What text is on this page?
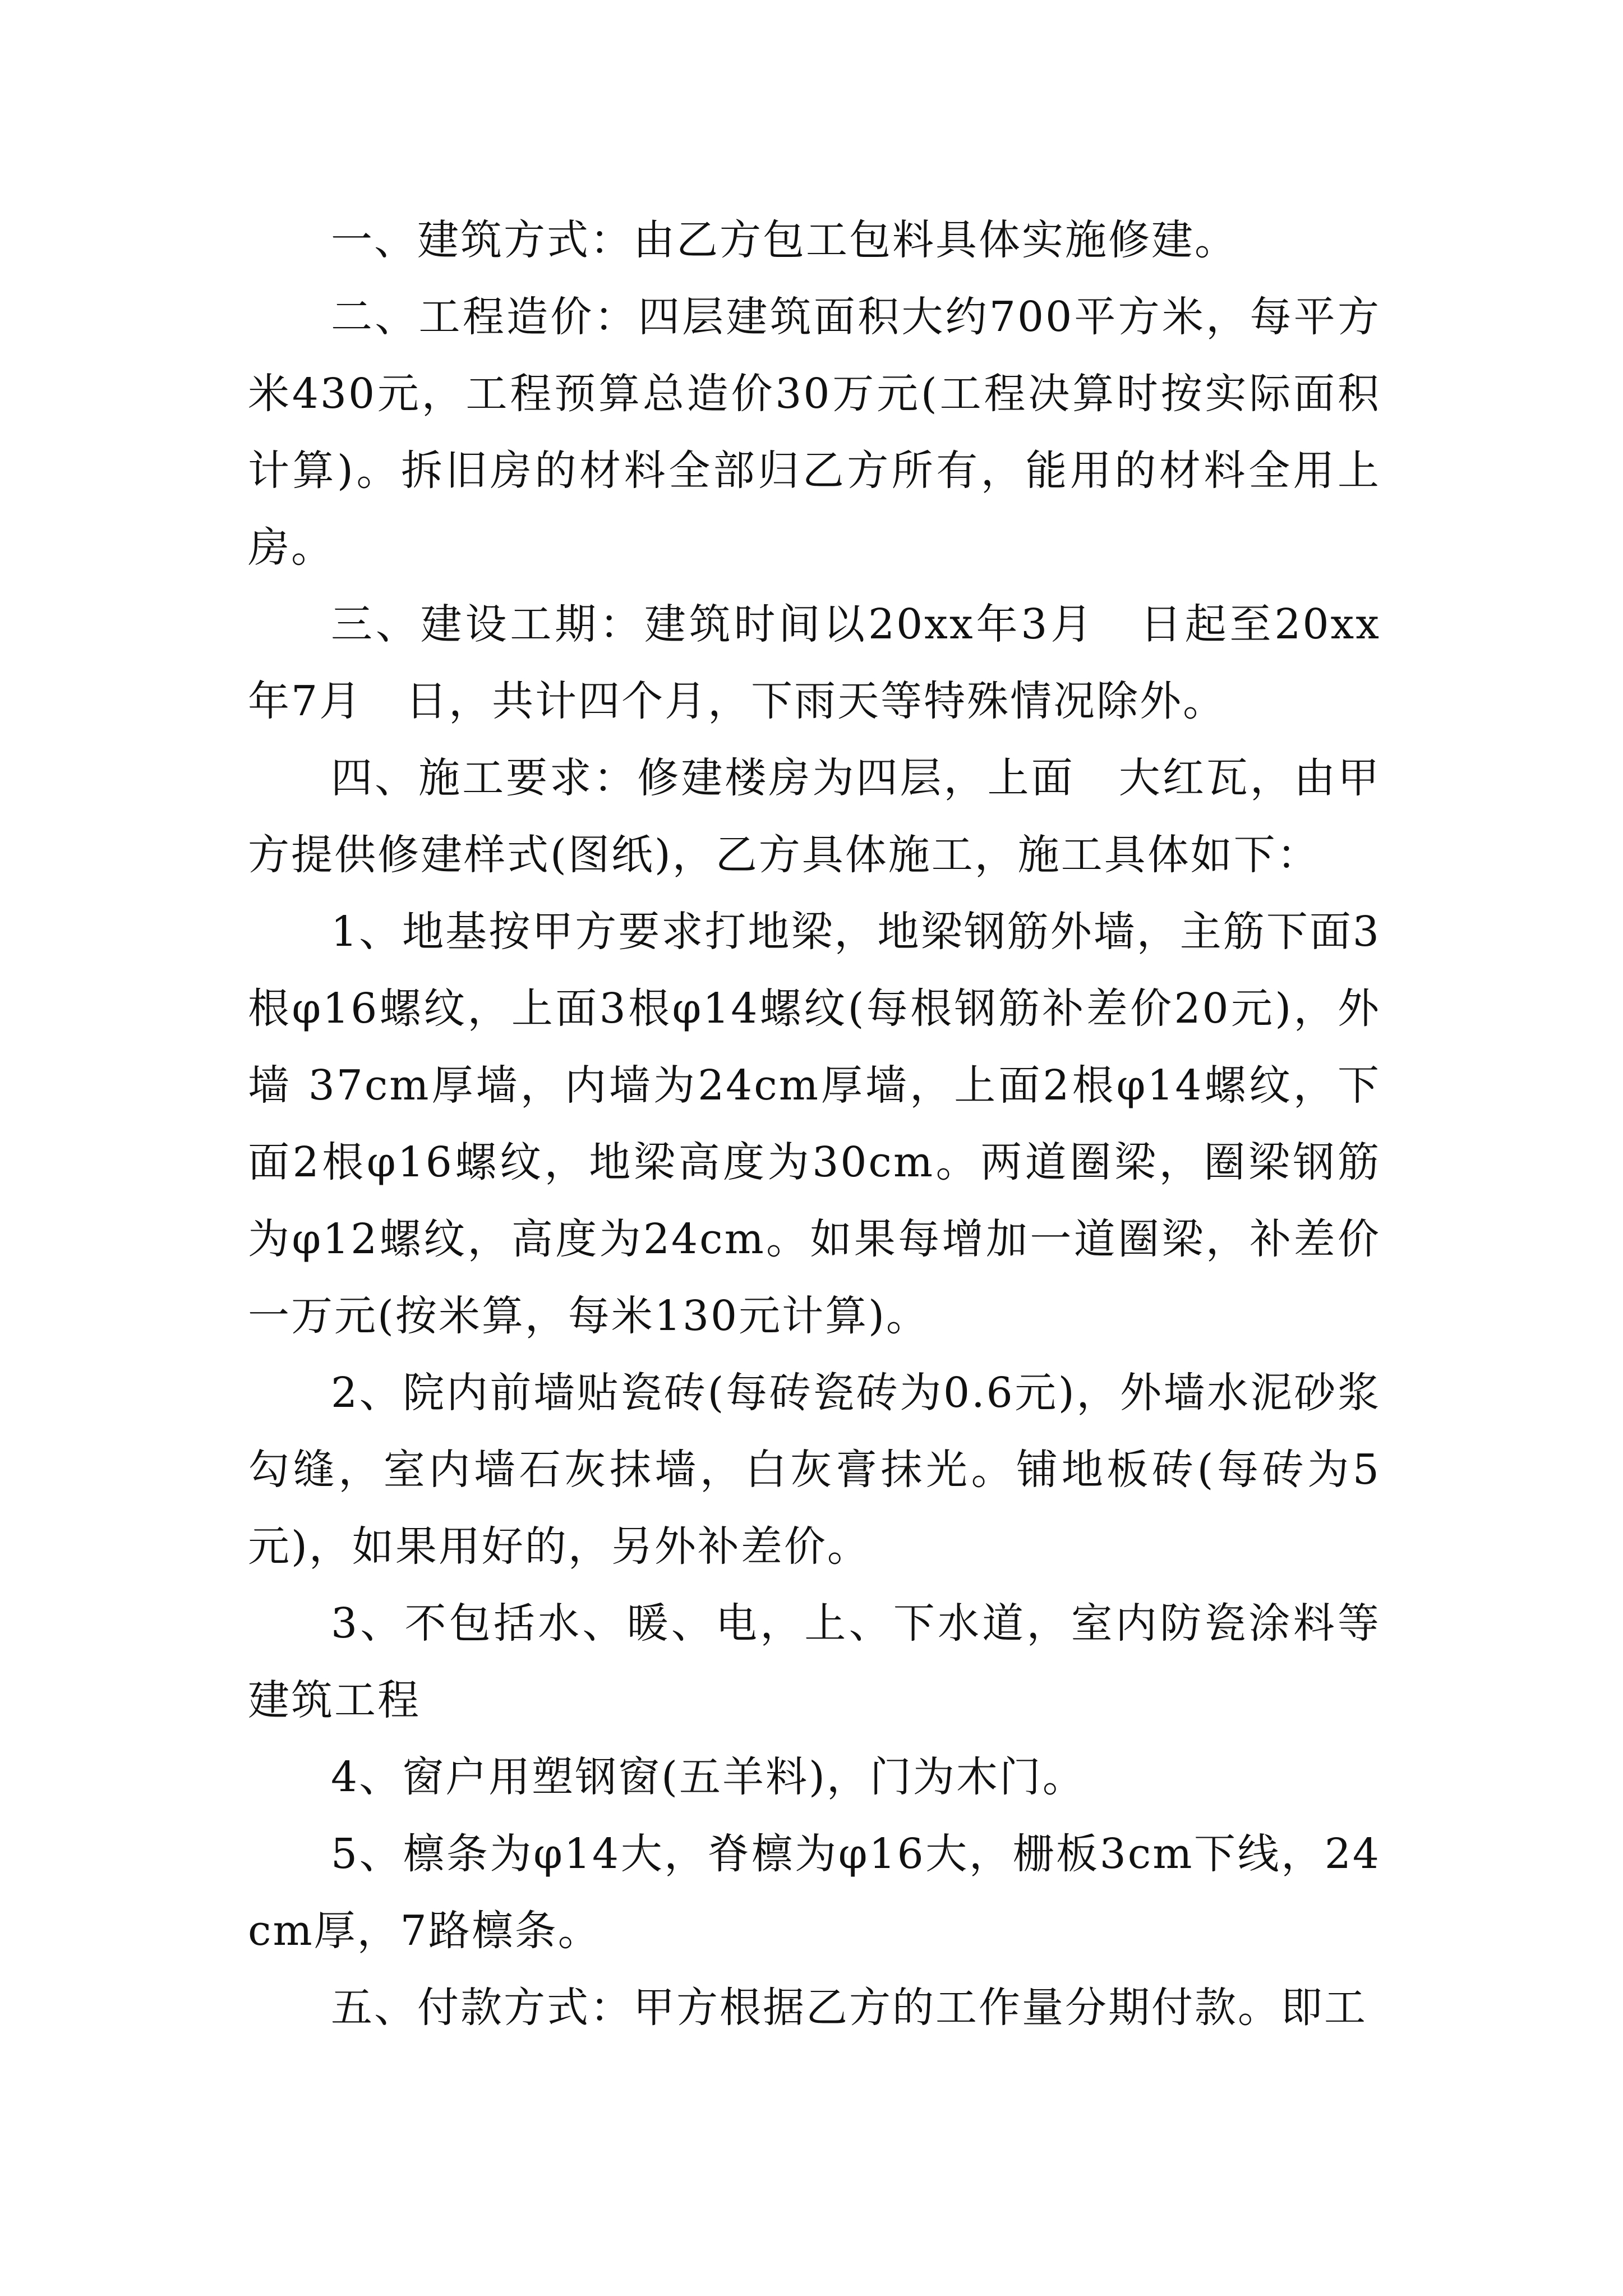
一、建筑方式：由乙方包工包料具体实施修建。

二、工程造价：四层建筑面积大约700平方米，每平方米430元，工程预算总造价30万元(工程决算时按实际面积计算)。拆旧房的材料全部归乙方所有，能用的材料全用上房。

三、建设工期：建筑时间以20xx年3月　日起至20xx年7月　日，共计四个月，下雨天等特殊情况除外。

四、施工要求：修建楼房为四层，上面　大红瓦，由甲方提供修建样式(图纸)，乙方具体施工，施工具体如下：

1、地基按甲方要求打地梁，地梁钢筋外墙，主筋下面3根φ16螺纹，上面3根φ14螺纹(每根钢筋补差价20元)，外墙 37cm厚墙，内墙为24cm厚墙，上面2根φ14螺纹，下面2根φ16螺纹，地梁高度为30cm。两道圈梁，圈梁钢筋为φ12螺纹，高度为24cm。如果每增加一道圈梁，补差价一万元(按米算，每米130元计算)。

2、院内前墙贴瓷砖(每砖瓷砖为0.6元)，外墙水泥砂浆勾缝，室内墙石灰抹墙，白灰膏抹光。铺地板砖(每砖为5元)，如果用好的，另外补差价。

3、不包括水、暖、电，上、下水道，室内防瓷涂料等建筑工程

4、窗户用塑钢窗(五羊料)，门为木门。

5、檩条为φ14大，脊檩为φ16大，栅板3cm下线，24cm厚，7路檩条。

五、付款方式：甲方根据乙方的工作量分期付款。即工
